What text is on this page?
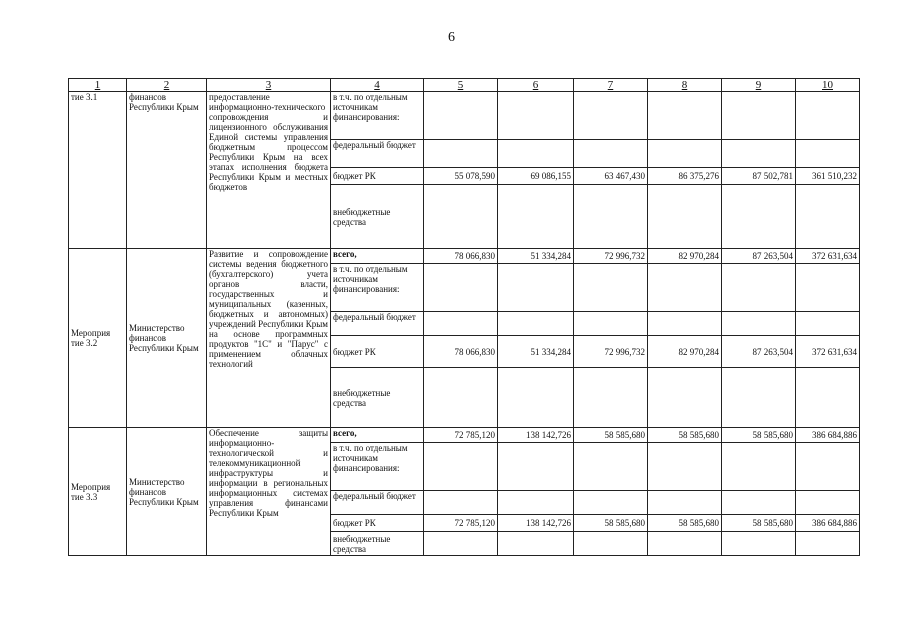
6
1	2	3	4	5	6	7	8	9	10
тие 3.1	финансов Республики Крым	предоставление информационно-технического сопровождения и лицензионного обслуживания Единой системы управления бюджетным процессом Республики Крым на всех этапах исполнения бюджета Республики Крым и местных бюджетов	в т.ч. по отдельным источникам финансирования:						
			федеральный бюджет						
			бюджет РК	55 078,590	69 086,155	63 467,430	86 375,276	87 502,781	361 510,232
			внебюджетные средства						
Мероприя тие 3.2	Министерство финансов Республики Крым	Развитие и сопровождение системы ведения бюджетного (бухгалтерского) учета органов власти, государственных и муниципальных (казенных, бюджетных и автономных) учреждений Республики Крым на основе программных продуктов "1С" и "Парус" с применением облачных технологий	всего,	78 066,830	51 334,284	72 996,732	82 970,284	87 263,504	372 631,634
			в т.ч. по отдельным источникам финансирования:						
			федеральный бюджет						
			бюджет РК	78 066,830	51 334,284	72 996,732	82 970,284	87 263,504	372 631,634
			внебюджетные средства						
Мероприя тие 3.3	Министерство финансов Республики Крым	Обеспечение защиты информационно-технологической и телекоммуникационной инфраструктуры и информации в региональных информационных системах управления финансами Республики Крым	всего,	72 785,120	138 142,726	58 585,680	58 585,680	58 585,680	386 684,886
			в т.ч. по отдельным источникам финансирования:						
			федеральный бюджет						
			бюджет РК	72 785,120	138 142,726	58 585,680	58 585,680	58 585,680	386 684,886
			внебюджетные средства						
